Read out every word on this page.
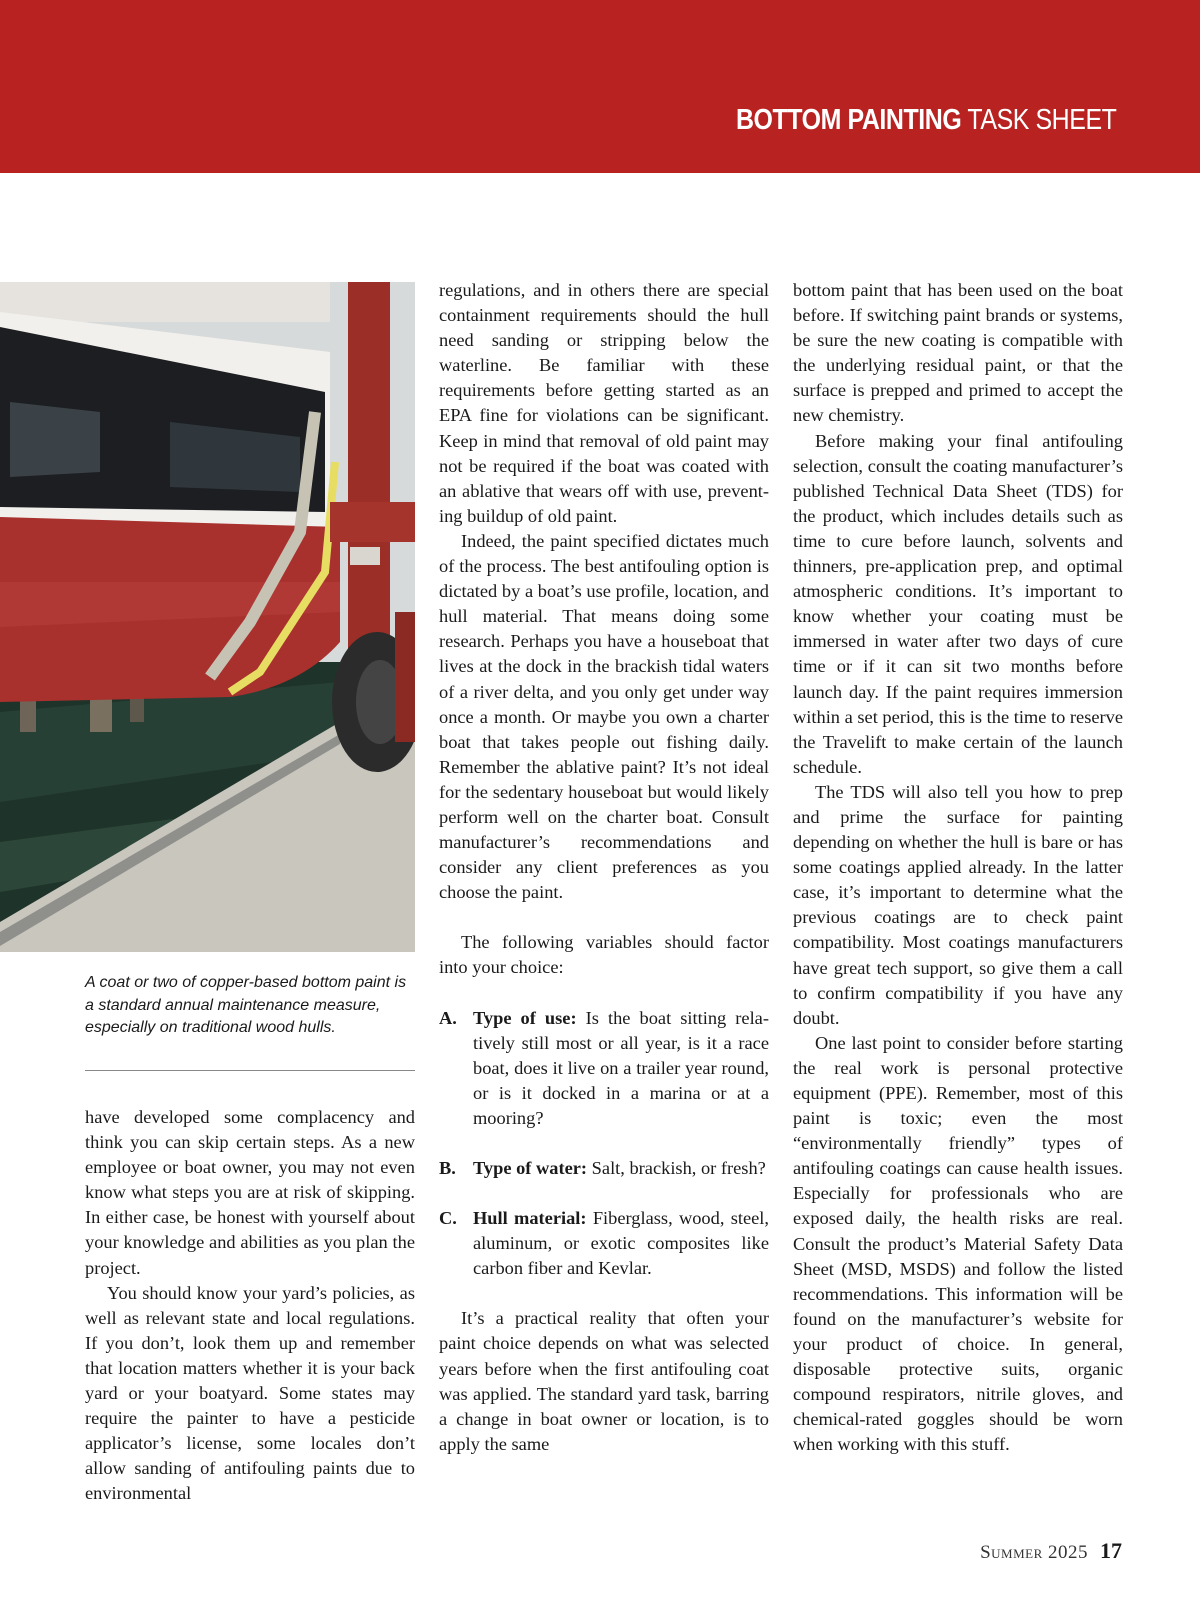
BOTTOM PAINTING TASK SHEET
A coat or two of copper-based bottom paint is a standard annual maintenance measure, especially on traditional wood hulls.

have developed some complacency and think you can skip certain steps. As a new employee or boat owner, you may not even know what steps you are at risk of skipping. In either case, be honest with yourself about your knowledge and abilities as you plan the project.

You should know your yard’s policies, as well as relevant state and local regulations. If you don’t, look them up and remember that location matters whether it is your back yard or your boatyard. Some states may require the painter to have a pesticide applicator’s license, some locales don’t allow sanding of antifouling paints due to environmental

regulations, and in others there are special containment requirements should the hull need sanding or stripping below the waterline. Be familiar with these requirements before getting started as an EPA fine for violations can be significant. Keep in mind that removal of old paint may not be required if the boat was coated with an ablative that wears off with use, preventing buildup of old paint.

Indeed, the paint specified dictates much of the process. The best antifouling option is dictated by a boat’s use profile, location, and hull material. That means doing some research. Perhaps you have a houseboat that lives at the dock in the brackish tidal waters of a river delta, and you only get under way once a month. Or maybe you own a charter boat that takes people out fishing daily. Remember the ablative paint? It’s not ideal for the sedentary houseboat but would likely perform well on the charter boat. Consult manufacturer’s recommendations and consider any client preferences as you choose the paint.

The following variables should factor into your choice:

A. Type of use: Is the boat sitting relatively still most or all year, is it a race boat, does it live on a trailer year round, or is it docked in a marina or at a mooring?
B. Type of water: Salt, brackish, or fresh?
C. Hull material: Fiberglass, wood, steel, aluminum, or exotic composites like carbon fiber and Kevlar.

It’s a practical reality that often your paint choice depends on what was selected years before when the first antifouling coat was applied. The standard yard task, barring a change in boat owner or location, is to apply the same

bottom paint that has been used on the boat before. If switching paint brands or systems, be sure the new coating is compatible with the underlying residual paint, or that the surface is prepped and primed to accept the new chemistry.

Before making your final antifouling selection, consult the coating manufacturer’s published Technical Data Sheet (TDS) for the product, which includes details such as time to cure before launch, solvents and thinners, pre-application prep, and optimal atmospheric conditions. It’s important to know whether your coating must be immersed in water after two days of cure time or if it can sit two months before launch day. If the paint requires immersion within a set period, this is the time to reserve the Travelift to make certain of the launch schedule.

The TDS will also tell you how to prep and prime the surface for painting depending on whether the hull is bare or has some coatings applied already. In the latter case, it’s important to determine what the previous coatings are to check paint compatibility. Most coatings manufacturers have great tech support, so give them a call to confirm compatibility if you have any doubt.

One last point to consider before starting the real work is personal protective equipment (PPE). Remember, most of this paint is toxic; even the most “environmentally friendly” types of antifouling coatings can cause health issues. Especially for professionals who are exposed daily, the health risks are real. Consult the product’s Material Safety Data Sheet (MSD, MSDS) and follow the listed recommendations. This information will be found on the manufacturer’s website for your product of choice. In general, disposable protective suits, organic compound respirators, nitrile gloves, and chemical-rated goggles should be worn when working with this stuff.

Summer 2025 17
